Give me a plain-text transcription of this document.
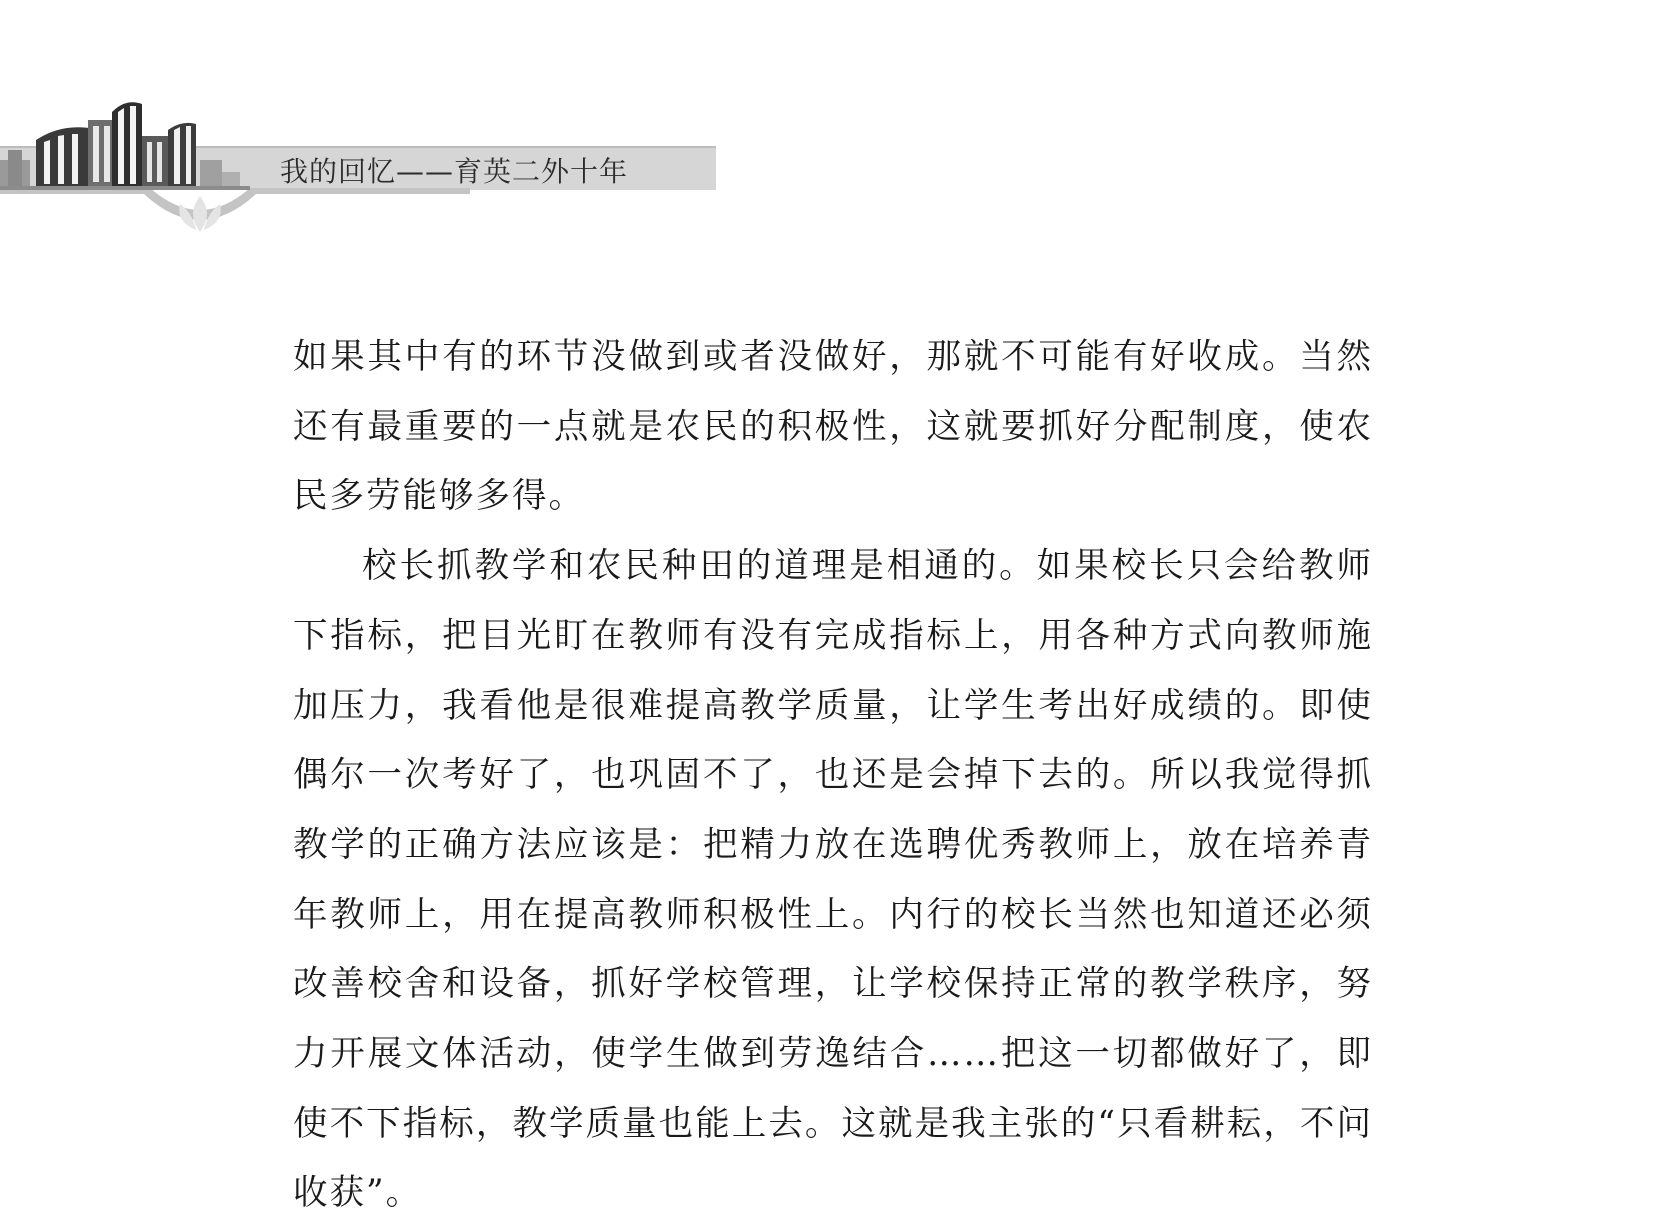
我的回忆——育英二外十年

如果其中有的环节没做到或者没做好，那就不可能有好收成。当然还有最重要的一点就是农民的积极性，这就要抓好分配制度，使农民多劳能够多得。

校长抓教学和农民种田的道理是相通的。如果校长只会给教师下指标，把目光盯在教师有没有完成指标上，用各种方式向教师施加压力，我看他是很难提高教学质量，让学生考出好成绩的。即使偶尔一次考好了，也巩固不了，也还是会掉下去的。所以我觉得抓教学的正确方法应该是：把精力放在选聘优秀教师上，放在培养青年教师上，用在提高教师积极性上。内行的校长当然也知道还必须改善校舍和设备，抓好学校管理，让学校保持正常的教学秩序，努力开展文体活动，使学生做到劳逸结合……把这一切都做好了，即使不下指标，教学质量也能上去。这就是我主张的“只看耕耘，不问收获”。
